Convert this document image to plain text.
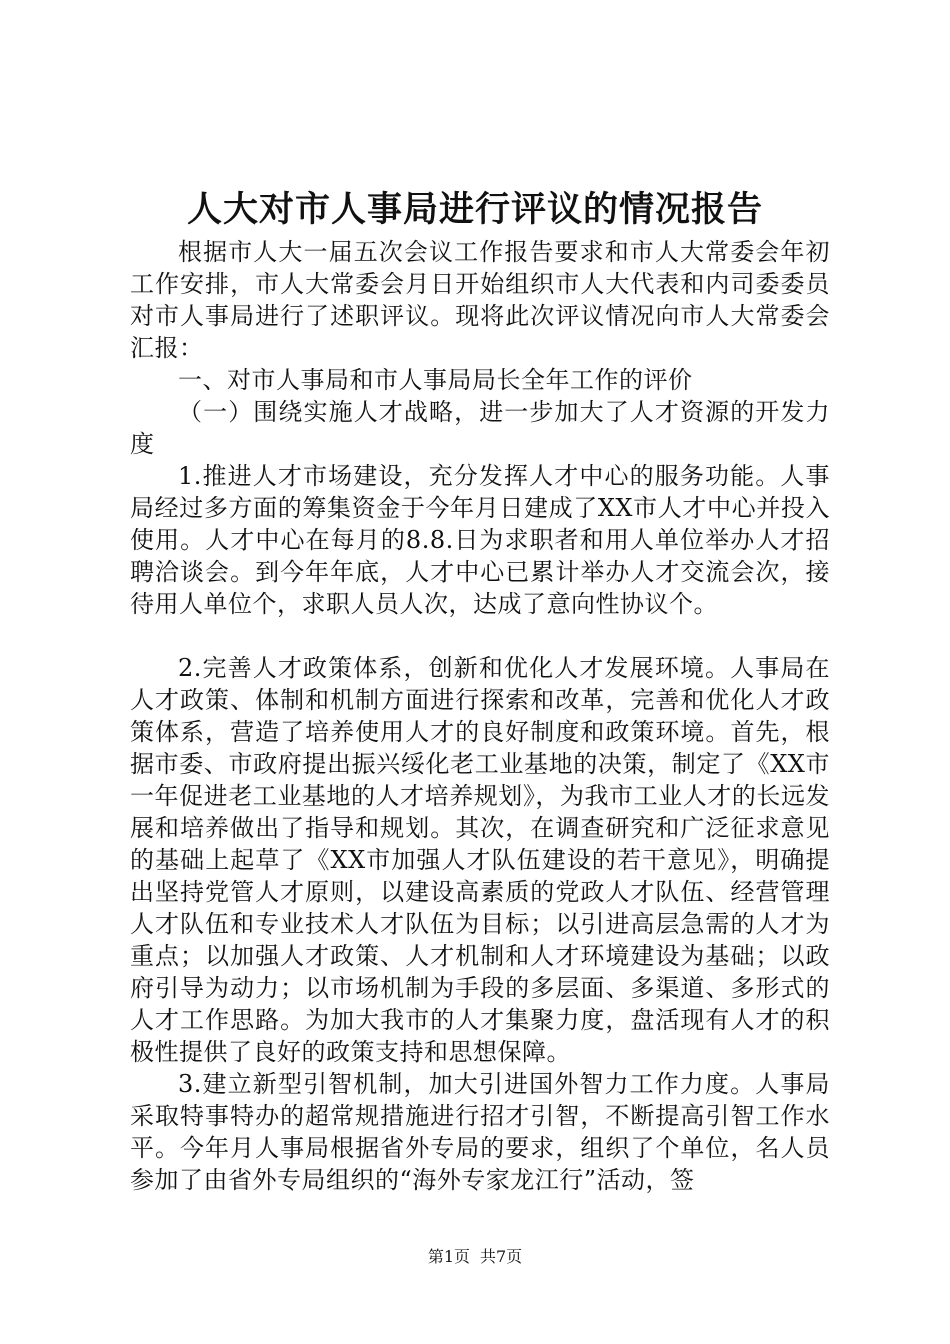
人大对市人事局进行评议的情况报告

根据市人大一届五次会议工作报告要求和市人大常委会年初工作安排，市人大常委会月日开始组织市人大代表和内司委委员对市人事局进行了述职评议。现将此次评议情况向市人大常委会汇报：

一、对市人事局和市人事局局长全年工作的评价

（一）围绕实施人才战略，进一步加大了人才资源的开发力度

1.推进人才市场建设，充分发挥人才中心的服务功能。人事局经过多方面的筹集资金于今年月日建成了XX市人才中心并投入使用。人才中心在每月的8.8.日为求职者和用人单位举办人才招聘洽谈会。到今年年底，人才中心已累计举办人才交流会次，接待用人单位个，求职人员人次，达成了意向性协议个。

2.完善人才政策体系，创新和优化人才发展环境。人事局在人才政策、体制和机制方面进行探索和改革，完善和优化人才政策体系，营造了培养使用人才的良好制度和政策环境。首先，根据市委、市政府提出振兴绥化老工业基地的决策，制定了《XX市一年促进老工业基地的人才培养规划》，为我市工业人才的长远发展和培养做出了指导和规划。其次，在调查研究和广泛征求意见的基础上起草了《XX市加强人才队伍建设的若干意见》，明确提出坚持党管人才原则，以建设高素质的党政人才队伍、经营管理人才队伍和专业技术人才队伍为目标；以引进高层急需的人才为重点；以加强人才政策、人才机制和人才环境建设为基础；以政府引导为动力；以市场机制为手段的多层面、多渠道、多形式的人才工作思路。为加大我市的人才集聚力度，盘活现有人才的积极性提供了良好的政策支持和思想保障。

3.建立新型引智机制，加大引进国外智力工作力度。人事局采取特事特办的超常规措施进行招才引智，不断提高引智工作水平。今年月人事局根据省外专局的要求，组织了个单位，名人员参加了由省外专局组织的“海外专家龙江行”活动，签

第1页 共7页
